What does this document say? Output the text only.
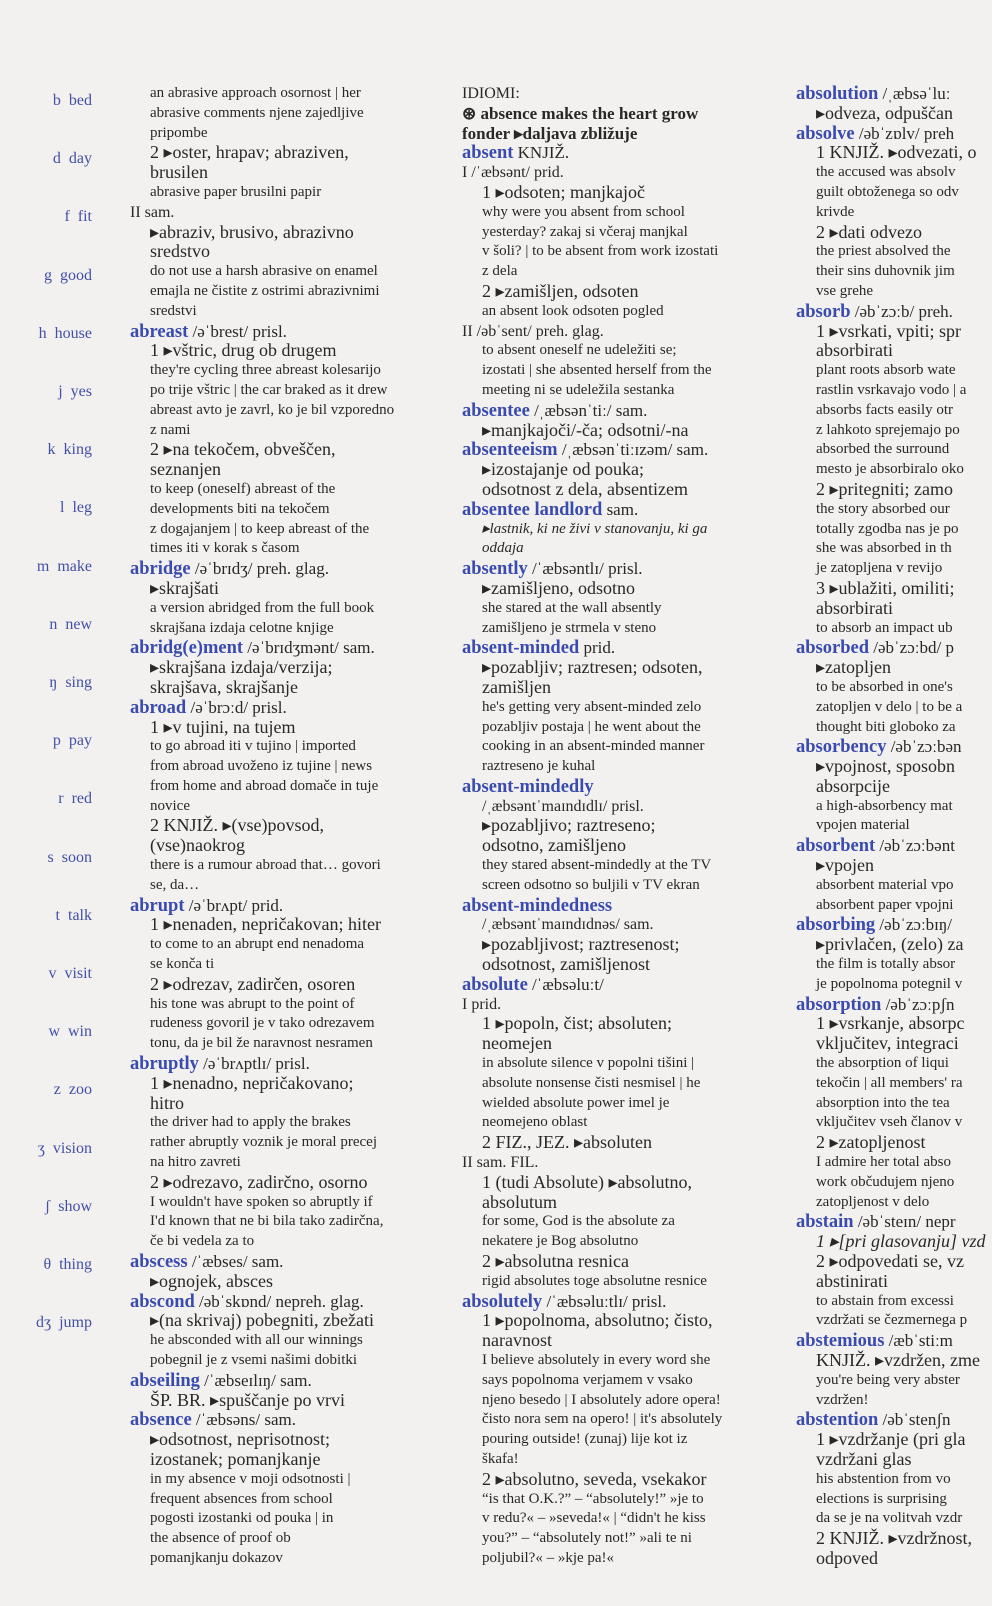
b  bed
d  day
f  fit
g  good
h  house
j  yes
k  king
l  leg
m  make
n  new
ŋ  sing
p  pay
r  red
s  soon
t  talk
v  visit
w  win
z  zoo
ʒ  vision
ʃ  show
θ  thing
dʒ  jump
an abrasive approach osornost | her
abrasive comments njene zajedljive
pripombe
2 ▸oster, hrapav; abraziven,
brusilen
abrasive paper brusilni papir
II sam.
▸abraziv, brusivo, abrazivno
sredstvo
do not use a harsh abrasive on enamel
emajla ne čistite z ostrimi abrazivnimi
sredstvi
abreast /əˈbrest/ prisl.
1 ▸vštric, drug ob drugem
they're cycling three abreast kolesarijo
po trije vštric | the car braked as it drew
abreast avto je zavrl, ko je bil vzporedno
z nami
2 ▸na tekočem, obveščen,
seznanjen
to keep (oneself) abreast of the
developments biti na tekočem
z dogajanjem | to keep abreast of the
times iti v korak s časom
abridge /əˈbrɪdʒ/ preh. glag.
▸skrajšati
a version abridged from the full book
skrajšana izdaja celotne knjige
abridg(e)ment /əˈbrɪdʒmənt/ sam.
▸skrajšana izdaja/verzija;
skrajšava, skrajšanje
abroad /əˈbrɔːd/ prisl.
1 ▸v tujini, na tujem
to go abroad iti v tujino | imported
from abroad uvoženo iz tujine | news
from home and abroad domače in tuje
novice
2 KNJIŽ. ▸(vse)povsod,
(vse)naokrog
there is a rumour abroad that… govori
se, da…
abrupt /əˈbrʌpt/ prid.
1 ▸nenaden, nepričakovan; hiter
to come to an abrupt end nenadoma
se konča ti
2 ▸odrezav, zadirčen, osoren
his tone was abrupt to the point of
rudeness govoril je v tako odrezavem
tonu, da je bil že naravnost nesramen
abruptly /əˈbrʌptlɪ/ prisl.
1 ▸nenadno, nepričakovano;
hitro
the driver had to apply the brakes
rather abruptly voznik je moral precej
na hitro zavreti
2 ▸odrezavo, zadirčno, osorno
I wouldn't have spoken so abruptly if
I'd known that ne bi bila tako zadirčna,
če bi vedela za to
abscess /ˈæbses/ sam.
▸ognojek, absces
abscond /əbˈskɒnd/ nepreh. glag.
▸(na skrivaj) pobegniti, zbežati
he absconded with all our winnings
pobegnil je z vsemi našimi dobitki
abseiling /ˈæbseɪlɪŋ/ sam.
ŠP. BR. ▸spuščanje po vrvi
absence /ˈæbsəns/ sam.
▸odsotnost, neprisotnost;
izostanek; pomanjkanje
in my absence v moji odsotnosti |
frequent absences from school
pogosti izostanki od pouka | in
the absence of proof ob
pomanjkanju dokazov
IDIOMI:
⊛ absence makes the heart grow
fonder ▸daljava zbližuje
absent KNJIŽ.
I /ˈæbsənt/ prid.
1 ▸odsoten; manjkajoč
why were you absent from school
yesterday? zakaj si včeraj manjkal
v šoli? | to be absent from work izostati
z dela
2 ▸zamišljen, odsoten
an absent look odsoten pogled
II /əbˈsent/ preh. glag.
to absent oneself ne udeležiti se;
izostati | she absented herself from the
meeting ni se udeležila sestanka
absentee /ˌæbsənˈtiː/ sam.
▸manjkajoči/-ča; odsotni/-na
absenteeism /ˌæbsənˈtiːɪzəm/ sam.
▸izostajanje od pouka;
odsotnost z dela, absentizem
absentee landlord sam.
▸lastnik, ki ne živi v stanovanju, ki ga
oddaja
absently /ˈæbsəntlɪ/ prisl.
▸zamišljeno, odsotno
she stared at the wall absently
zamišljeno je strmela v steno
absent-minded prid.
▸pozabljiv; raztresen; odsoten,
zamišljen
he's getting very absent-minded zelo
pozabljiv postaja | he went about the
cooking in an absent-minded manner
raztreseno je kuhal
absent-mindedly
/ˌæbsəntˈmaɪndɪdlɪ/ prisl.
▸pozabljivo; raztreseno;
odsotno, zamišljeno
they stared absent-mindedly at the TV
screen odsotno so buljili v TV ekran
absent-mindedness
/ˌæbsəntˈmaɪndɪdnəs/ sam.
▸pozabljivost; raztresenost;
odsotnost, zamišljenost
absolute /ˈæbsəluːt/
I prid.
1 ▸popoln, čist; absoluten;
neomejen
in absolute silence v popolni tišini |
absolute nonsense čisti nesmisel | he
wielded absolute power imel je
neomejeno oblast
2 FIZ., JEZ. ▸absoluten
II sam. FIL.
1 (tudi Absolute) ▸absolutno,
absolutum
for some, God is the absolute za
nekatere je Bog absolutno
2 ▸absolutna resnica
rigid absolutes toge absolutne resnice
absolutely /ˈæbsəluːtlɪ/ prisl.
1 ▸popolnoma, absolutno; čisto,
naravnost
I believe absolutely in every word she
says popolnoma verjamem v vsako
njeno besedo | I absolutely adore opera!
čisto nora sem na opero! | it's absolutely
pouring outside! (zunaj) lije kot iz
škafa!
2 ▸absolutno, seveda, vsekakor
“is that O.K.?” – “absolutely!” »je to
v redu?« – »seveda!« | “didn't he kiss
you?” – “absolutely not!” »ali te ni
poljubil?« – »kje pa!«
absolution /ˌæbsəˈluː
▸odveza, odpuščan
absolve /əbˈzɒlv/ preh
1 KNJIŽ. ▸odvezati, o
the accused was absolv
guilt obtoženega so odv
krivde
2 ▸dati odvezo
the priest absolved the
their sins duhovnik jim
vse grehe
absorb /əbˈzɔːb/ preh.
1 ▸vsrkati, vpiti; spr
absorbirati
plant roots absorb wate
rastlin vsrkavajo vodo | a
absorbs facts easily otr
z lahkoto sprejemajo po
absorbed the surround
mesto je absorbiralo oko
2 ▸pritegniti; zamo
the story absorbed our
totally zgodba nas je po
she was absorbed in th
je zatopljena v revijo
3 ▸ublažiti, omiliti;
absorbirati
to absorb an impact ub
absorbed /əbˈzɔːbd/ p
▸zatopljen
to be absorbed in one's
zatopljen v delo | to be a
thought biti globoko za
absorbency /əbˈzɔːbən
▸vpojnost, sposobn
absorpcije
a high-absorbency mat
vpojen material
absorbent /əbˈzɔːbənt
▸vpojen
absorbent material vpo
absorbent paper vpojni
absorbing /əbˈzɔːbɪŋ/
▸privlačen, (zelo) za
the film is totally absor
je popolnoma potegnil v
absorption /əbˈzɔːpʃn
1 ▸vsrkanje, absorpc
vključitev, integraci
the absorption of liqui
tekočin | all members' ra
absorption into the tea
vključitev vseh članov v
2 ▸zatopljenost
I admire her total abso
work občudujem njeno
zatopljenost v delo
abstain /əbˈsteɪn/ nepr
1 ▸[pri glasovanju] vzd
2 ▸odpovedati se, vz
abstinirati
to abstain from excessi
vzdržati se čezmernega p
abstemious /æbˈstiːm
KNJIŽ. ▸vzdržen, zme
you're being very abster
vzdržen!
abstention /əbˈstenʃn
1 ▸vzdržanje (pri gla
vzdržani glas
his abstention from vo
elections is surprising
da se je na volitvah vzdr
2 KNJIŽ. ▸vzdržnost,
odpoved
